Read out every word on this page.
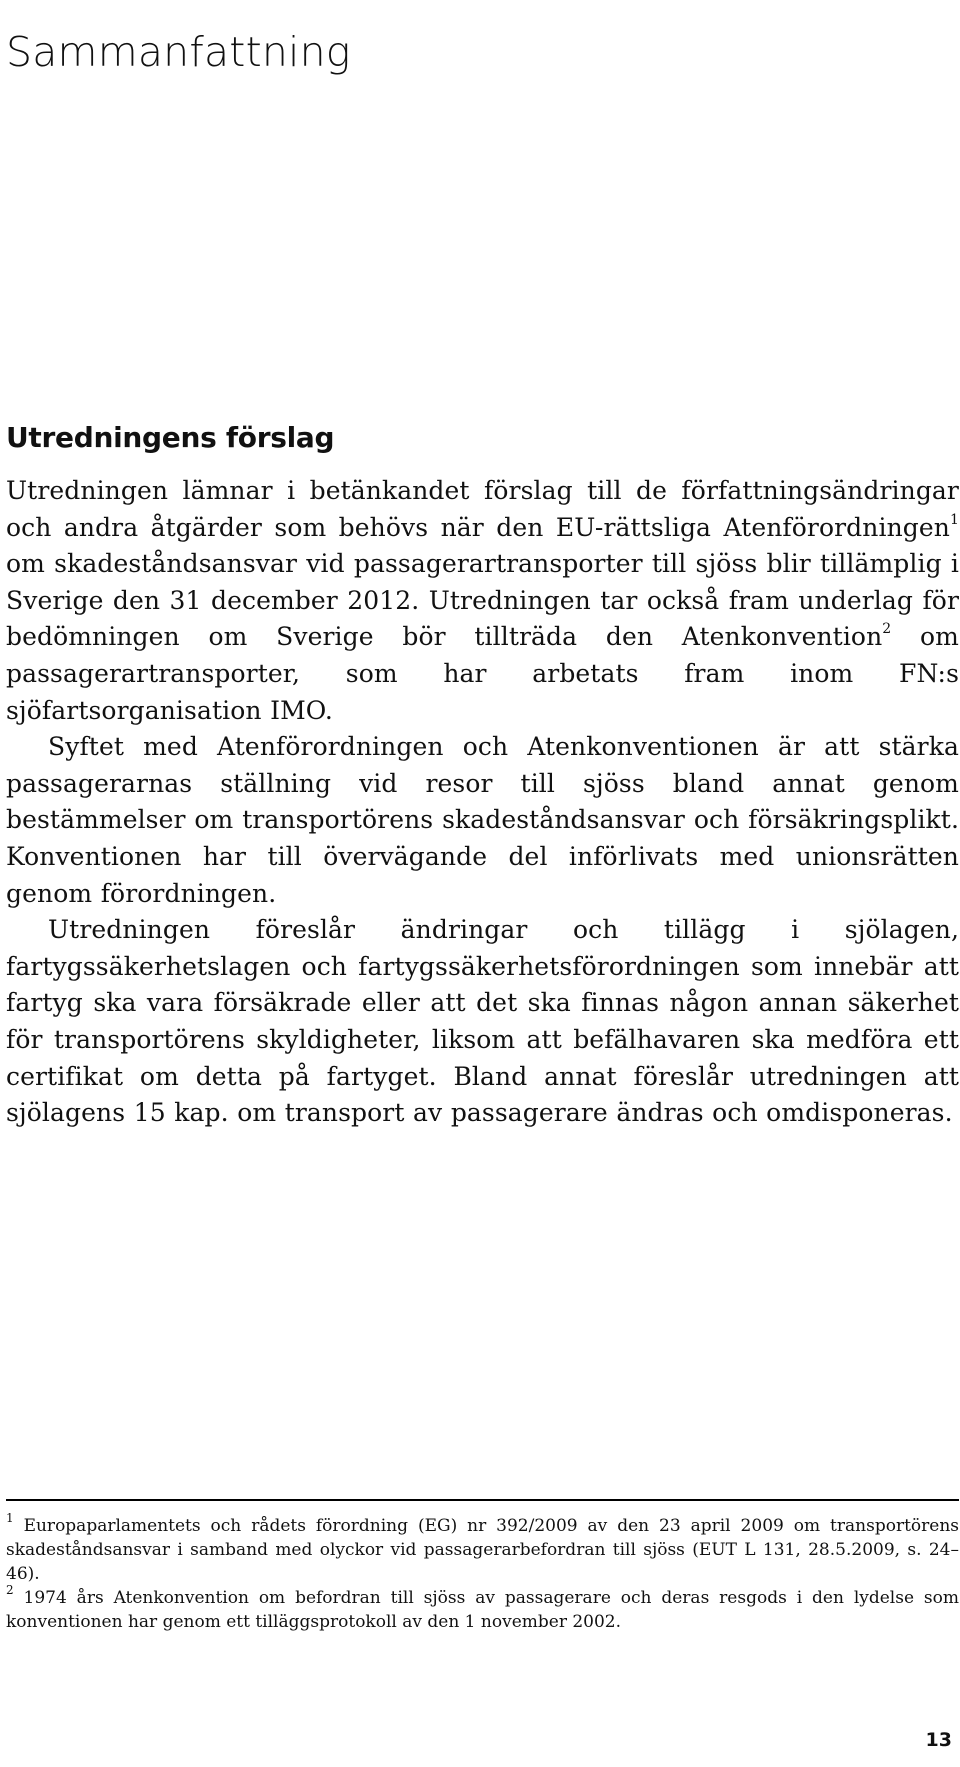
Sammanfattning
Utredningens förslag

Utredningen lämnar i betänkandet förslag till de författningsändringar och andra åtgärder som behövs när den EU-rättsliga Atenförordningen$^1$ om skadeståndsansvar vid passagerartransporter till sjöss blir tillämplig i Sverige den 31 december 2012. Utredningen tar också fram underlag för bedömningen om Sverige bör tillträda den Atenkonvention$^2$ om passagerartransporter, som har arbetats fram inom FN:s sjöfartsorganisation IMO.

Syftet med Atenförordningen och Atenkonventionen är att stärka passagerarnas ställning vid resor till sjöss bland annat genom bestämmelser om transportörens skadeståndsansvar och försäkringsplikt. Konventionen har till övervägande del införlivats med unionsrätten genom förordningen.

Utredningen föreslår ändringar och tillägg i sjölagen, fartygssäkerhetslagen och fartygssäkerhetsförordningen som innebär att fartyg ska vara försäkrade eller att det ska finnas någon annan säkerhet för transportörens skyldigheter, liksom att befälhavaren ska medföra ett certifikat om detta på fartyget. Bland annat föreslår utredningen att sjölagens 15 kap. om transport av passagerare ändras och omdisponeras.

$^1$ Europaparlamentets och rådets förordning (EG) nr 392/2009 av den 23 april 2009 om transportörens skadeståndsansvar i samband med olyckor vid passagerarbefordran till sjöss (EUT L 131, 28.5.2009, s. 24–46).

$^2$ 1974 års Atenkonvention om befordran till sjöss av passagerare och deras resgods i den lydelse som konventionen har genom ett tilläggsprotokoll av den 1 november 2002.

13
